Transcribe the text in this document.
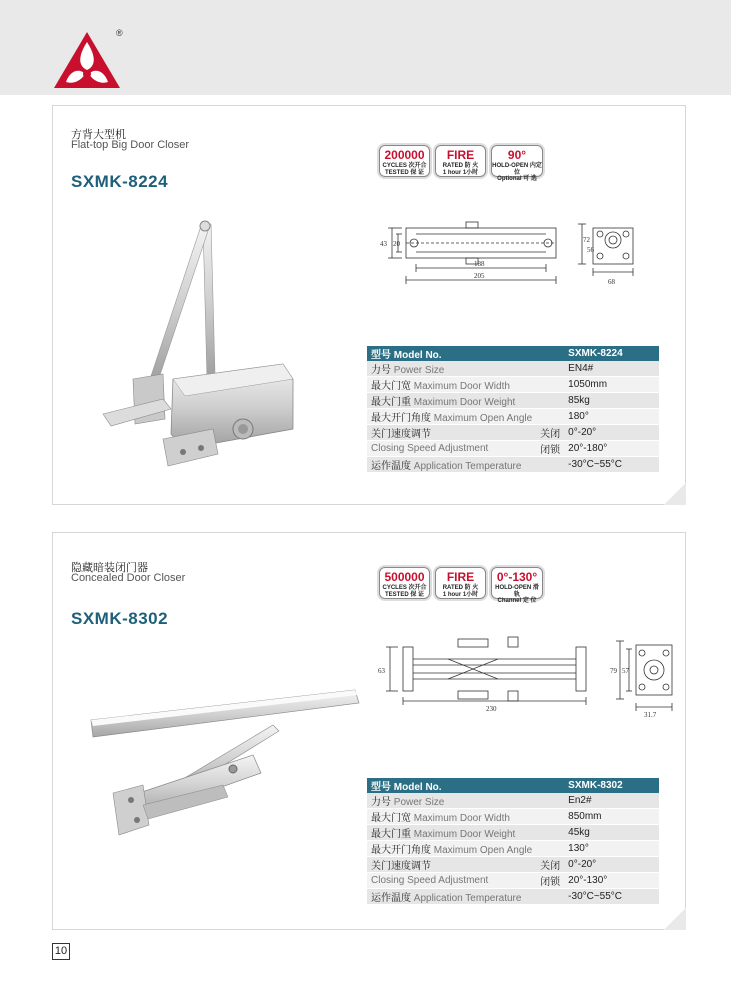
®
方背大型机
Flat-top Big Door Closer
SXMK-8224
200000
CYCLES 次开合
TESTED 保 证
FIRE
RATED 防 火
1 hour 1小时
90°
HOLD-OPEN 内定位
Optional 可 选
43 20
188
205
72
56
68
型号 Model No.		SXMK-8224
力号 Power Size		EN4#
最大门宽 Maximum Door Width		1050mm
最大门重 Maximum Door Weight		85kg
最大开门角度 Maximum Open Angle		180°
关门速度调节	关闭	0°-20°
Closing Speed Adjustment	闭锁	20°-180°
运作温度 Application Temperature		-30°C~55°C
隐藏暗装闭门器
Concealed Door Closer
SXMK-8302
500000
CYCLES 次开合
TESTED 保 证
FIRE
RATED 防 火
1 hour 1小时
0°-130°
HOLD-OPEN 滑 轨
Channel 定 位
63
230
79 57
31.7
型号 Model No.		SXMK-8302
力号 Power Size		En2#
最大门宽 Maximum Door Width		850mm
最大门重 Maximum Door Weight		45kg
最大开门角度 Maximum Open Angle		130°
关门速度调节	关闭	0°-20°
Closing Speed Adjustment	闭锁	20°-130°
运作温度 Application Temperature		-30°C~55°C
10
